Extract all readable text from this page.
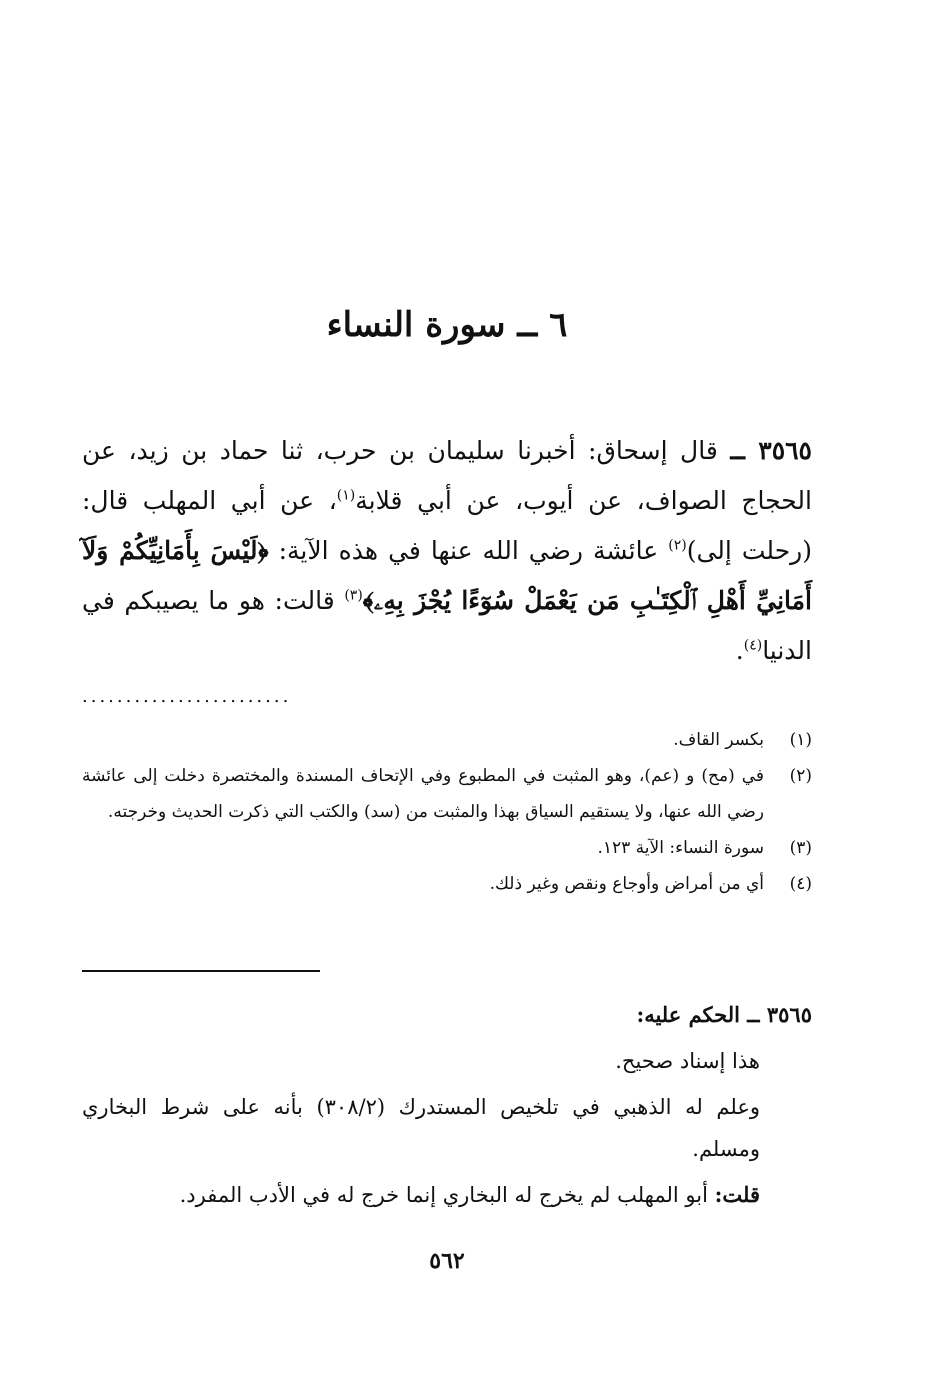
٦ ــ سورة النساء

٣٥٦٥ ــ قال إسحاق: أخبرنا سليمان بن حرب، ثنا حماد بن زيد، عن الحجاج الصواف، عن أيوب، عن أبي قلابة$^{(١)}$، عن أبي المهلب قال: (رحلت إلى)$^{(٢)}$ عائشة رضي الله عنها في هذه الآية: ﴿لَيْسَ بِأَمَانِيِّكُمْ وَلَآ أَمَانِيِّ أَهْلِ ٱلْكِتَـٰبِ مَن يَعْمَلْ سُوٓءًا يُجْزَ بِهِۦ﴾$^{(٣)}$ قالت: هو ما يصيبكم في الدنيا$^{(٤)}$.

........................
(١)
بكسر القاف.
(٢)
في (مح) و (عم)، وهو المثبت في المطبوع وفي الإتحاف المسندة والمختصرة دخلت إلى عائشة رضي الله عنها، ولا يستقيم السياق بهذا والمثبت من (سد) والكتب التي ذكرت الحديث وخرجته.
(٣)
سورة النساء: الآية ١٢٣.
(٤)
أي من أمراض وأوجاع ونقص وغير ذلك.

٣٥٦٥ ــ الحكم عليه:

هذا إسناد صحيح.

وعلم له الذهبي في تلخيص المستدرك (٣٠٨/٢) بأنه على شرط البخاري ومسلم.

قلت: أبو المهلب لم يخرج له البخاري إنما خرج له في الأدب المفرد.

٥٦٢
